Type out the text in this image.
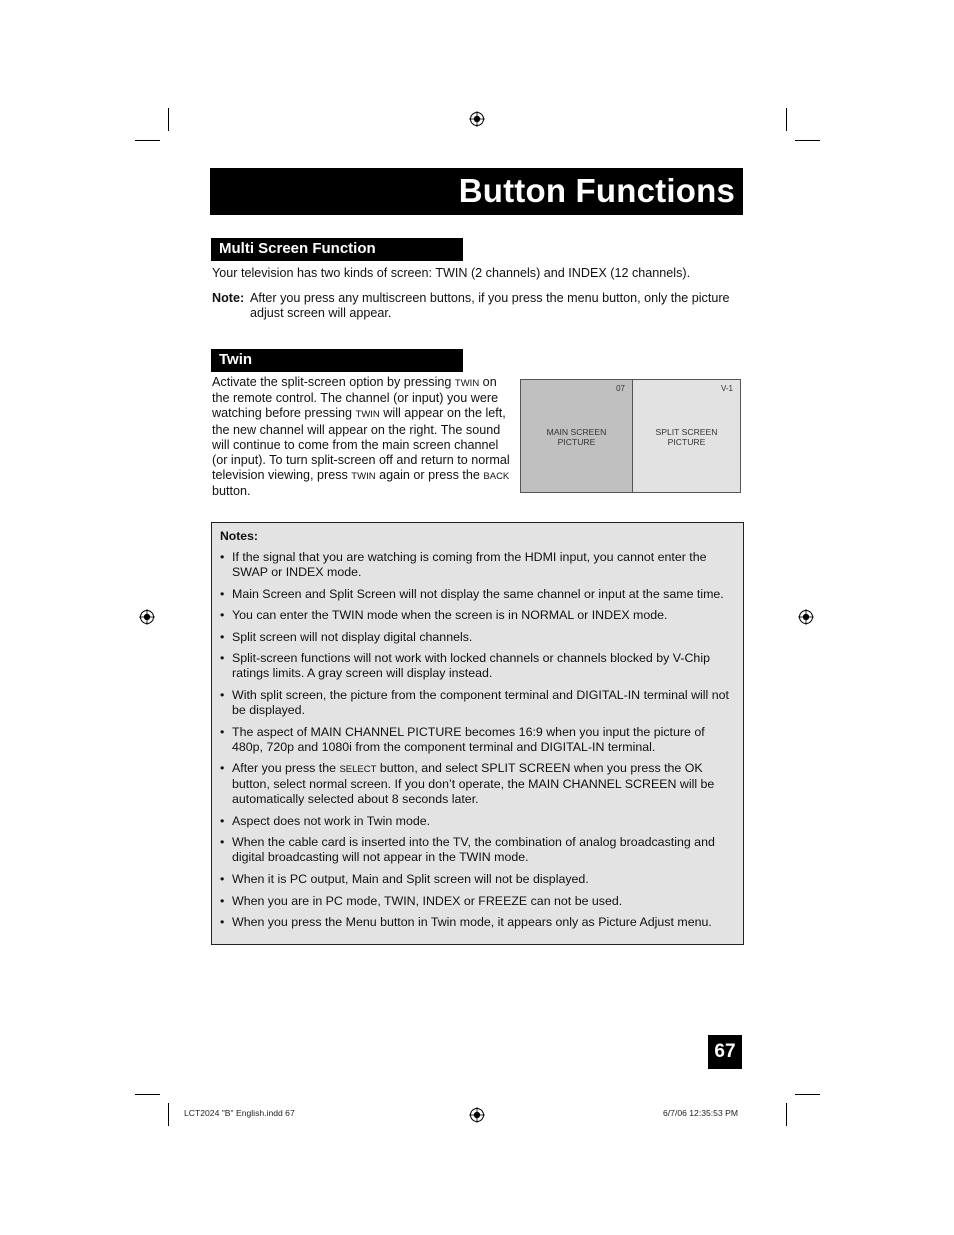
Button Functions
Multi Screen Function
Your television has two kinds of screen: TWIN (2 channels) and INDEX (12 channels).
Note: After you press any multiscreen buttons, if you press the menu button, only the picture adjust screen will appear.
Twin
Activate the split-screen option by pressing TWIN on the remote control. The channel (or input) you were watching before pressing TWIN will appear on the left, the new channel will appear on the right. The sound will continue to come from the main screen channel (or input). To turn split-screen off and return to normal television viewing, press TWIN again or press the BACK button.
07
MAIN SCREEN PICTURE
V-1
SPLIT SCREEN PICTURE
Notes:
• If the signal that you are watching is coming from the HDMI input, you cannot enter the SWAP or INDEX mode.
• Main Screen and Split Screen will not display the same channel or input at the same time.
• You can enter the TWIN mode when the screen is in NORMAL or INDEX mode.
• Split screen will not display digital channels.
• Split-screen functions will not work with locked channels or channels blocked by V-Chip ratings limits. A gray screen will display instead.
• With split screen, the picture from the component terminal and DIGITAL-IN terminal will not be displayed.
• The aspect of MAIN CHANNEL PICTURE becomes 16:9 when you input the picture of 480p, 720p and 1080i from the component terminal and DIGITAL-IN terminal.
• After you press the SELECT button, and select SPLIT SCREEN when you press the OK button, select normal screen. If you don’t operate, the MAIN CHANNEL SCREEN will be automatically selected about 8 seconds later.
• Aspect does not work in Twin mode.
• When the cable card is inserted into the TV, the combination of analog broadcasting and digital broadcasting will not appear in the TWIN mode.
• When it is PC output, Main and Split screen will not be displayed.
• When you are in PC mode, TWIN, INDEX or FREEZE can not be used.
• When you press the Menu button in Twin mode, it appears only as Picture Adjust menu.
67
LCT2024 "B" English.indd 67	6/7/06 12:35:53 PM
